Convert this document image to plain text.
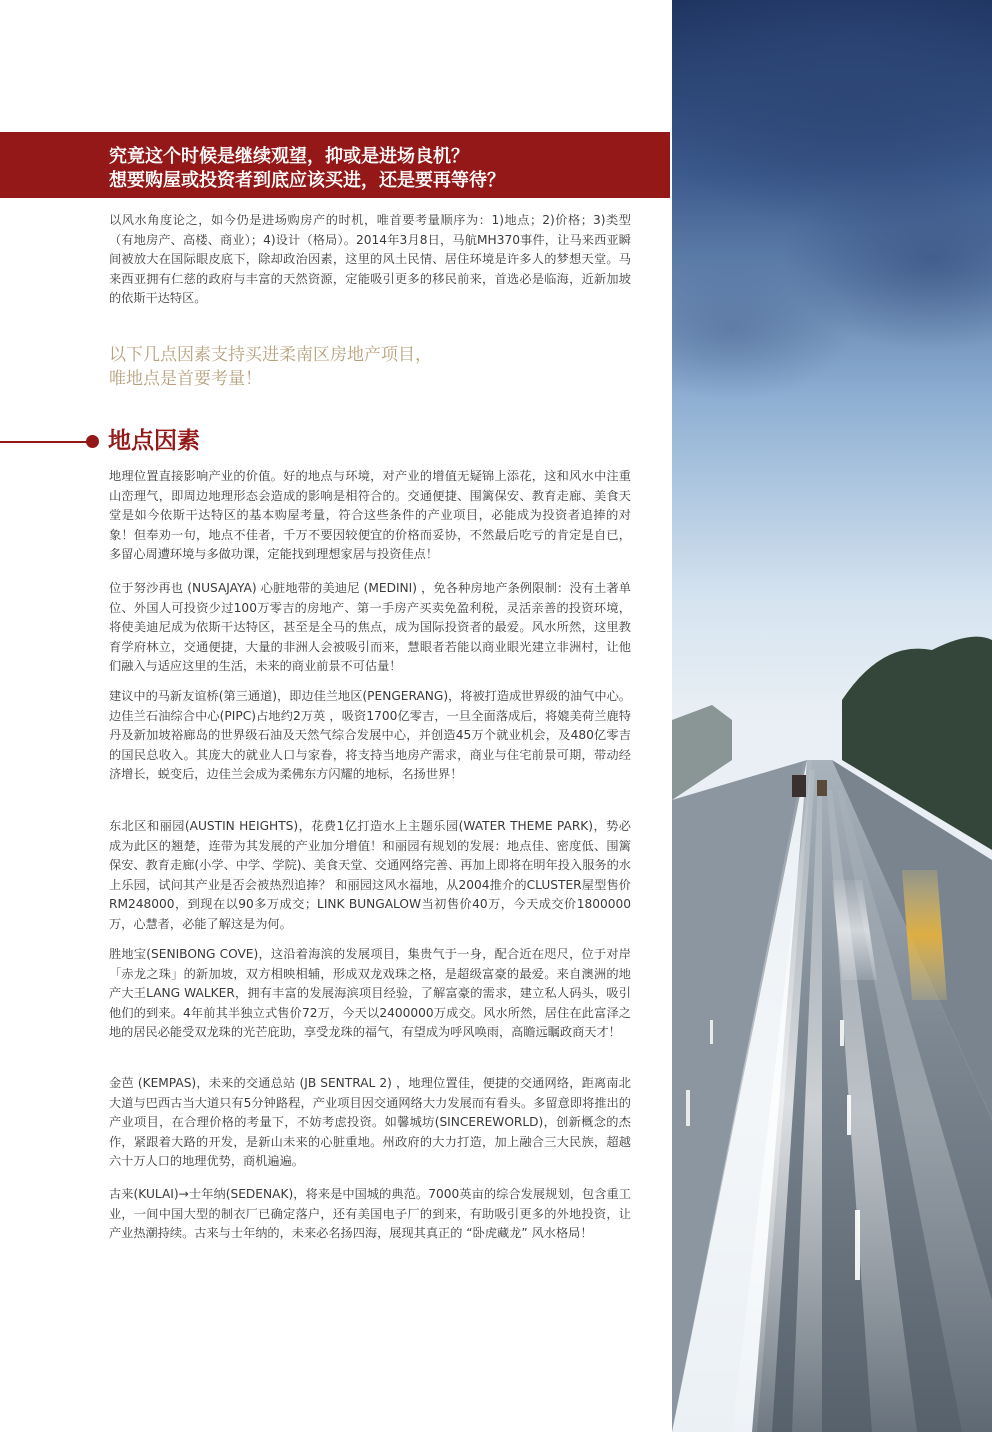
究竟这个时候是继续观望，抑或是进场良机？
想要购屋或投资者到底应该买进，还是要再等待？

以风水角度论之，如今仍是进场购房产的时机，唯首要考量顺序为：1)地点；2)价格；3)类型（有地房产、高楼、商业）；4)设计（格局）。2014年3月8日，马航MH370事件，让马来西亚瞬间被放大在国际眼皮底下，除却政治因素，这里的风土民情、居住环境是许多人的梦想天堂。马来西亚拥有仁慈的政府与丰富的天然资源，定能吸引更多的移民前来，首选必是临海，近新加坡的依斯干达特区。

以下几点因素支持买进柔南区房地产项目，
唯地点是首要考量！
地点因素

地理位置直接影响产业的价值。好的地点与环境，对产业的增值无疑锦上添花，这和风水中注重山峦理气，即周边地理形态会造成的影响是相符合的。交通便捷、围篱保安、教育走廊、美食天堂是如今依斯干达特区的基本购屋考量，符合这些条件的产业项目，必能成为投资者追捧的对象！但奉劝一句，地点不佳者，千万不要因较便宜的价格而妥协，不然最后吃亏的肯定是自已，多留心周遭环境与多做功课，定能找到理想家居与投资佳点！

位于努沙再也 (NUSAJAYA) 心脏地带的美迪尼 (MEDINI) ，免各种房地产条例限制：没有土著单位、外国人可投资少过100万零吉的房地产、第一手房产买卖免盈利税，灵活亲善的投资环境，将使美迪尼成为依斯干达特区，甚至是全马的焦点，成为国际投资者的最爱。风水所然，这里教育学府林立，交通便捷，大量的非洲人会被吸引而来，慧眼者若能以商业眼光建立非洲村，让他们融入与适应这里的生活，未来的商业前景不可估量！

建议中的马新友谊桥(第三通道)，即边佳兰地区(PENGERANG)，将被打造成世界级的油气中心。边佳兰石油综合中心(PIPC)占地约2万英 ，吸资1700亿零吉，一旦全面落成后，将媲美荷兰鹿特丹及新加坡裕廊岛的世界级石油及天然气综合发展中心，并创造45万个就业机会，及480亿零吉的国民总收入。其庞大的就业人口与家眷，将支持当地房产需求，商业与住宅前景可期，带动经济增长，蜕变后，边佳兰会成为柔佛东方闪耀的地标，名扬世界！

东北区和丽园(AUSTIN HEIGHTS)，花费1亿打造水上主题乐园(WATER THEME PARK)，势必成为此区的翘楚，连带为其发展的产业加分增值！和丽园有规划的发展：地点佳、密度低、围篱保安、教育走廊(小学、中学、学院)、美食天堂、交通网络完善、再加上即将在明年投入服务的水上乐园，试问其产业是否会被热烈追捧？ 和丽园这风水福地，从2004推介的CLUSTER屋型售价RM248000，到现在以90多万成交；LINK BUNGALOW当初售价40万，今天成交价1800000万，心慧者，必能了解这是为何。

胜地宝(SENIBONG COVE)，这沿着海滨的发展项目，集贵气于一身，配合近在咫尺，位于对岸「赤龙之珠」的新加坡，双方相映相辅，形成双龙戏珠之格，是超级富豪的最爱。来自澳洲的地产大王LANG WALKER，拥有丰富的发展海滨项目经验，了解富豪的需求，建立私人码头，吸引他们的到来。4年前其半独立式售价72万，今天以2400000万成交。风水所然，居住在此富泽之地的居民必能受双龙珠的光芒庇助，享受龙珠的福气，有望成为呼风唤雨，高瞻远瞩政商天才！

金芭 (KEMPAS)，未来的交通总站 (JB SENTRAL 2) ，地理位置佳，便捷的交通网络，距离南北大道与巴西古当大道只有5分钟路程，产业项目因交通网络大力发展而有看头。多留意即将推出的产业项目，在合理价格的考量下，不妨考虑投资。如馨城坊(SINCEREWORLD)，创新概念的杰作，紧跟着大路的开发，是新山未来的心脏重地。州政府的大力打造，加上融合三大民族，超越六十万人口的地理优势，商机遍遍。

古来(KULAI)→士年纳(SEDENAK)，将来是中国城的典范。7000英亩的综合发展规划，包含重工业，一间中国大型的制衣厂已确定落户，还有美国电子厂的到来，有助吸引更多的外地投资，让产业热潮持续。古来与士年纳的，未来必名扬四海，展现其真正的 “卧虎藏龙” 风水格局！
